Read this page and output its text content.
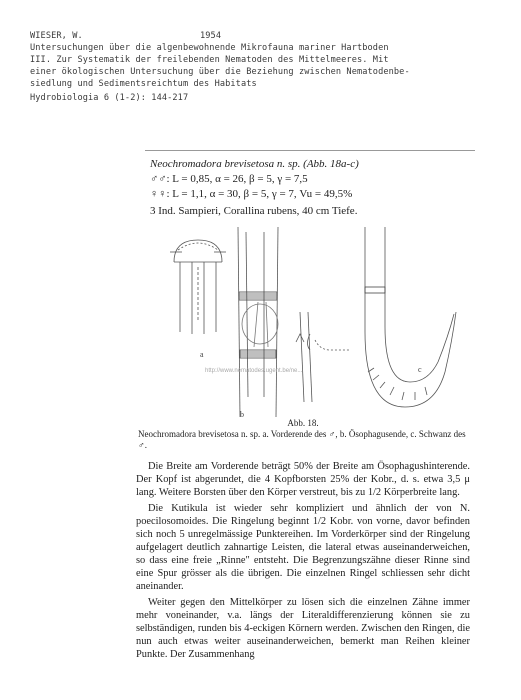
WIESER, W.	1954
Untersuchungen über die algenbewohnende Mikrofauna mariner Hartboden
III. Zur Systematik der freilebenden Nematoden des Mittelmeeres. Mit
einer ökologischen Untersuchung über die Beziehung zwischen Nematodenbe-
siedlung und Sedimentsreichtum des Habitats
Hydrobiologia 6 (1-2): 144-217
Neochromadora brevisetosa n. sp. (Abb. 18a-c)
♂♂: L = 0,85, α = 26, β = 5, γ = 7,5
♀♀: L = 1,1, α = 30, β = 5, γ = 7, Vu = 49,5%
3 Ind. Sampieri, Corallina rubens, 40 cm Tiefe.
a
b
c
http://www.nematodes.ugent.be/ne...
Abb. 18.
Neochromadora brevisetosa n. sp. a. Vorderende des ♂, b. Ösophagusende, c. Schwanz des ♂.

Die Breite am Vorderende beträgt 50% der Breite am Ösophagushinterende. Der Kopf ist abgerundet, die 4 Kopfborsten 25% der Kobr., d. s. etwa 3,5 μ lang. Weitere Borsten über den Körper verstreut, bis zu 1/2 Körperbreite lang.

Die Kutikula ist wieder sehr kompliziert und ähnlich der von N. poecilosomoides. Die Ringelung beginnt 1/2 Kobr. von vorne, davor befinden sich noch 5 unregelmässige Punktereihen. Im Vorderkörper sind der Ringelung aufgelagert deutlich zahnartige Leisten, die lateral etwas auseinanderweichen, so dass eine freie „Rinne" entsteht. Die Begrenzungszähne dieser Rinne sind eine Spur grösser als die übrigen. Die einzelnen Ringel schliessen sehr dicht aneinander.

Weiter gegen den Mittelkörper zu lösen sich die einzelnen Zähne immer mehr voneinander, v.a. längs der Literaldifferenzierung können sie zu selbständigen, runden bis 4-eckigen Körnern werden. Zwischen den Ringen, die nun auch etwas weiter auseinanderweichen, bemerkt man Reihen kleiner Punkte. Der Zusammenhang
